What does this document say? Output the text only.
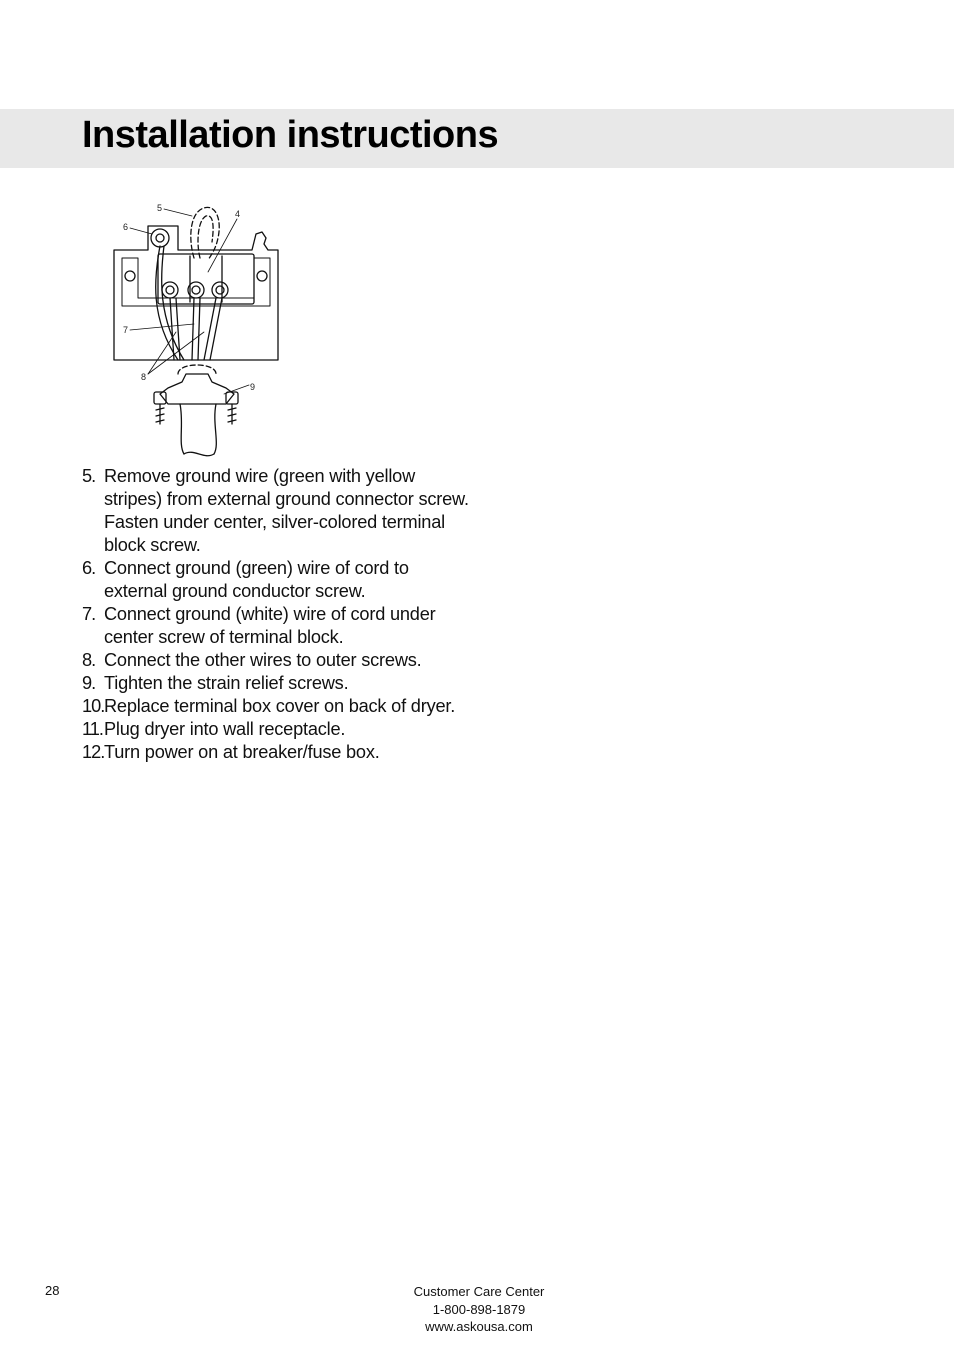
Installation instructions
5
4
6
7
8
9
5. Remove ground wire (green with yellow stripes) from external ground connector screw. Fasten under center, silver-colored terminal block screw.
6. Connect ground (green) wire of cord to external ground conductor screw.
7. Connect ground (white) wire of cord under center screw of terminal block.
8. Connect the other wires to outer screws.
9. Tighten the strain relief screws.
10. Replace terminal box cover on back of dryer.
11. Plug dryer into wall receptacle.
12. Turn power on at breaker/fuse box.
28	Customer Care Center
1-800-898-1879
www.askousa.com
